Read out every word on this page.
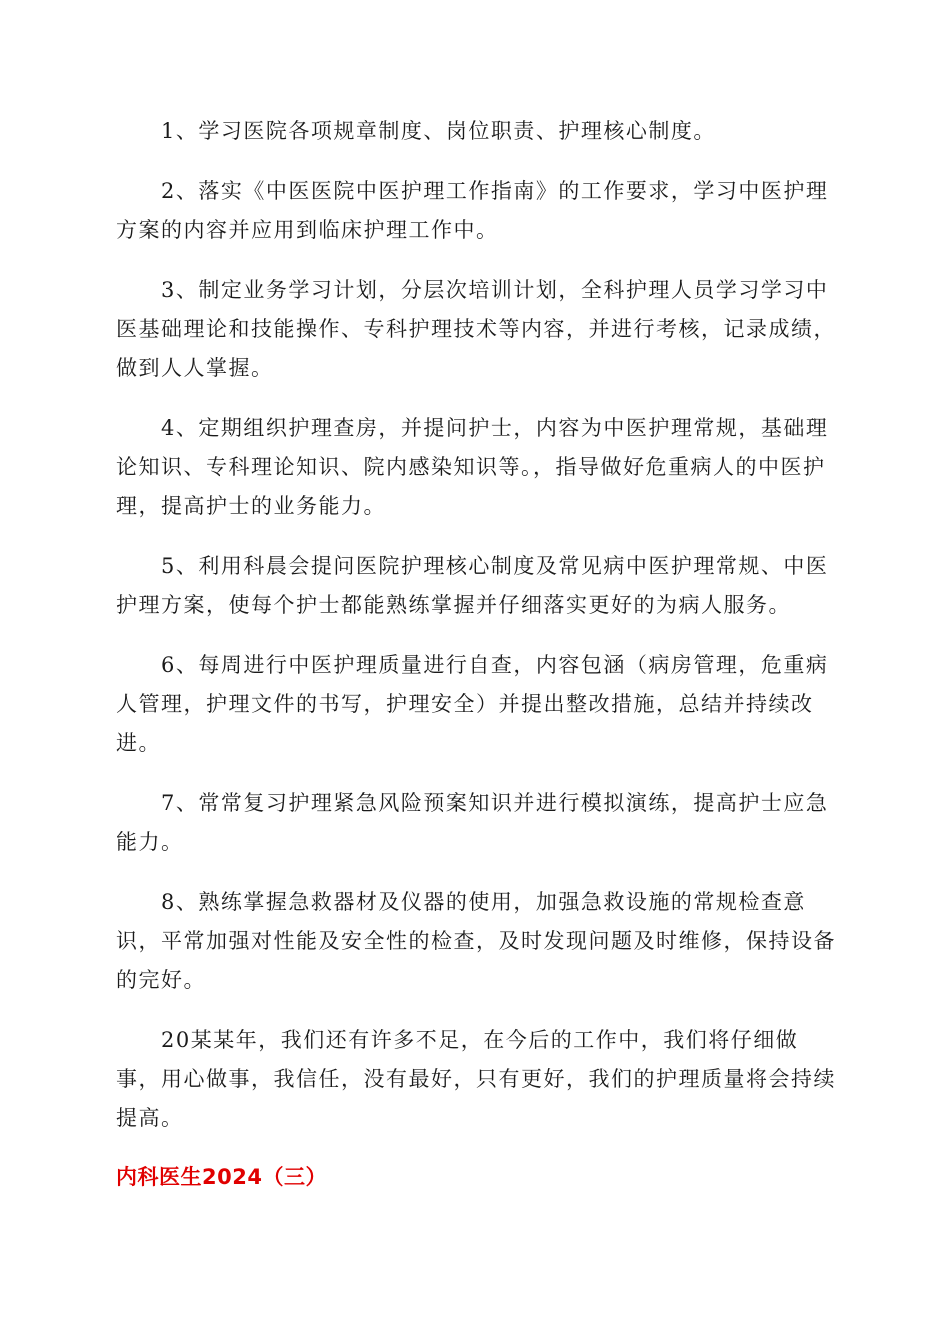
1、学习医院各项规章制度、岗位职责、护理核心制度。

2、落实《中医医院中医护理工作指南》的工作要求，学习中医护理方案的内容并应用到临床护理工作中。

3、制定业务学习计划，分层次培训计划，全科护理人员学习学习中医基础理论和技能操作、专科护理技术等内容，并进行考核，记录成绩，做到人人掌握。

4、定期组织护理查房，并提问护士，内容为中医护理常规，基础理论知识、专科理论知识、院内感染知识等。，指导做好危重病人的中医护理，提高护士的业务能力。

5、利用科晨会提问医院护理核心制度及常见病中医护理常规、中医护理方案，使每个护士都能熟练掌握并仔细落实更好的为病人服务。

6、每周进行中医护理质量进行自查，内容包涵（病房管理，危重病人管理，护理文件的书写，护理安全）并提出整改措施，总结并持续改进。

7、常常复习护理紧急风险预案知识并进行模拟演练，提高护士应急能力。

8、熟练掌握急救器材及仪器的使用，加强急救设施的常规检查意识，平常加强对性能及安全性的检查，及时发现问题及时维修，保持设备的完好。

20某某年，我们还有许多不足，在今后的工作中，我们将仔细做事，用心做事，我信任，没有最好，只有更好，我们的护理质量将会持续提高。

内科医生2024（三）
